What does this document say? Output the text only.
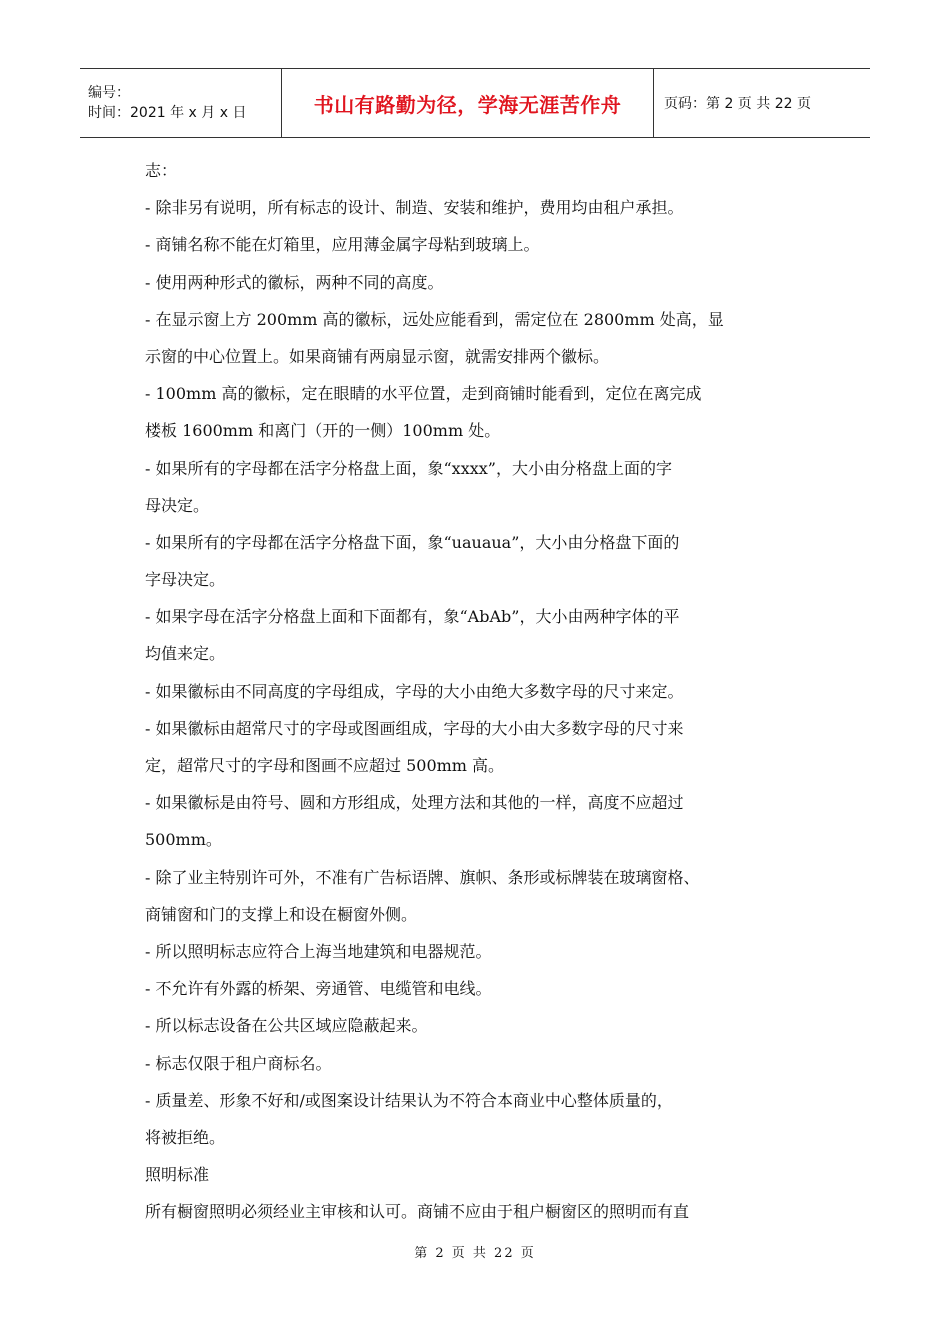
编号：
时间：2021 年 x 月 x 日	书山有路勤为径，学海无涯苦作舟	页码：第 2 页 共 22 页
志：
- 除非另有说明，所有标志的设计、制造、安装和维护，费用均由租户承担。
- 商铺名称不能在灯箱里，应用薄金属字母粘到玻璃上。
- 使用两种形式的徽标，两种不同的高度。
- 在显示窗上方 200mm 高的徽标，远处应能看到，需定位在 2800mm 处高，显
示窗的中心位置上。如果商铺有两扇显示窗，就需安排两个徽标。
- 100mm 高的徽标，定在眼睛的水平位置，走到商铺时能看到，定位在离完成
楼板 1600mm 和离门（开的一侧）100mm 处。
- 如果所有的字母都在活字分格盘上面，象“xxxx”，大小由分格盘上面的字
母决定。
- 如果所有的字母都在活字分格盘下面，象“uauaua”，大小由分格盘下面的
字母决定。
- 如果字母在活字分格盘上面和下面都有，象“AbAb”，大小由两种字体的平
均值来定。
- 如果徽标由不同高度的字母组成，字母的大小由绝大多数字母的尺寸来定。
- 如果徽标由超常尺寸的字母或图画组成，字母的大小由大多数字母的尺寸来
定，超常尺寸的字母和图画不应超过 500mm 高。
- 如果徽标是由符号、圆和方形组成，处理方法和其他的一样，高度不应超过
500mm。
- 除了业主特别许可外，不准有广告标语牌、旗帜、条形或标牌装在玻璃窗格、
商铺窗和门的支撑上和设在橱窗外侧。
- 所以照明标志应符合上海当地建筑和电器规范。
- 不允许有外露的桥架、旁通管、电缆管和电线。
- 所以标志设备在公共区域应隐蔽起来。
- 标志仅限于租户商标名。
- 质量差、形象不好和/或图案设计结果认为不符合本商业中心整体质量的，
将被拒绝。
照明标准
所有橱窗照明必须经业主审核和认可。商铺不应由于租户橱窗区的照明而有直
第 2 页 共 22 页
